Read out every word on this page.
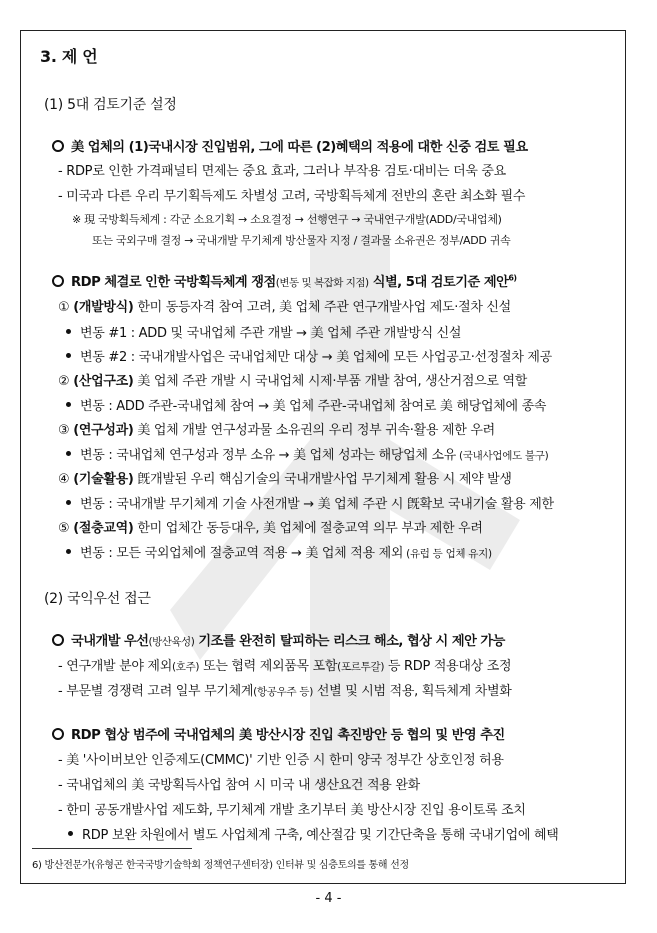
3. 제 언
(1) 5대 검토기준 설정
美 업체의 (1)국내시장 진입범위, 그에 따른 (2)혜택의 적용에 대한 신중 검토 필요
- RDP로 인한 가격패널티 면제는 중요 효과, 그러나 부작용 검토·대비는 더욱 중요
- 미국과 다른 우리 무기획득제도 차별성 고려, 국방획득체계 전반의 혼란 최소화 필수
※ 現 국방획득체계 : 각군 소요기획 → 소요결정 → 선행연구 → 국내연구개발(ADD/국내업체)
또는 국외구매 결정 → 국내개발 무기체계 방산물자 지정 / 결과물 소유권은 정부/ADD 귀속
RDP 체결로 인한 국방획득체계 쟁점(변동 및 복잡화 지점) 식별, 5대 검토기준 제안$^{6)}$
① (개발방식) 한미 동등자격 참여 고려, 美 업체 주관 연구개발사업 제도·절차 신설
변동 #1 : ADD 및 국내업체 주관 개발 → 美 업체 주관 개발방식 신설
변동 #2 : 국내개발사업은 국내업체만 대상 → 美 업체에 모든 사업공고·선정절차 제공
② (산업구조) 美 업체 주관 개발 시 국내업체 시제·부품 개발 참여, 생산거점으로 역할
변동 : ADD 주관-국내업체 참여 → 美 업체 주관-국내업체 참여로 美 해당업체에 종속
③ (연구성과) 美 업체 개발 연구성과물 소유권의 우리 정부 귀속·활용 제한 우려
변동 : 국내업체 연구성과 정부 소유 → 美 업체 성과는 해당업체 소유 (국내사업에도 불구)
④ (기술활용) 旣개발된 우리 핵심기술의 국내개발사업 무기체계 활용 시 제약 발생
변동 : 국내개발 무기체계 기술 사전개발 → 美 업체 주관 시 旣확보 국내기술 활용 제한
⑤ (절충교역) 한미 업체간 동등대우, 美 업체에 절충교역 의무 부과 제한 우려
변동 : 모든 국외업체에 절충교역 적용 → 美 업체 적용 제외 (유럽 등 업체 유지)
(2) 국익우선 접근
국내개발 우선(방산육성) 기조를 완전히 탈피하는 리스크 해소, 협상 시 제안 가능
- 연구개발 분야 제외(호주) 또는 협력 제외품목 포함(포르투갈) 등 RDP 적용대상 조정
- 부문별 경쟁력 고려 일부 무기체계(항공우주 등) 선별 및 시범 적용, 획득체계 차별화
RDP 협상 범주에 국내업체의 美 방산시장 진입 촉진방안 등 협의 및 반영 추진
- 美 '사이버보안 인증제도(CMMC)' 기반 인증 시 한미 양국 정부간 상호인정 허용
- 국내업체의 美 국방획득사업 참여 시 미국 내 생산요건 적용 완화
- 한미 공동개발사업 제도화, 무기체계 개발 초기부터 美 방산시장 진입 용이토록 조치
RDP 보완 차원에서 별도 사업체계 구축, 예산절감 및 기간단축을 통해 국내기업에 혜택
6) 방산전문가(유형곤 한국국방기술학회 정책연구센터장) 인터뷰 및 심층토의를 통해 선정
- 4 -
